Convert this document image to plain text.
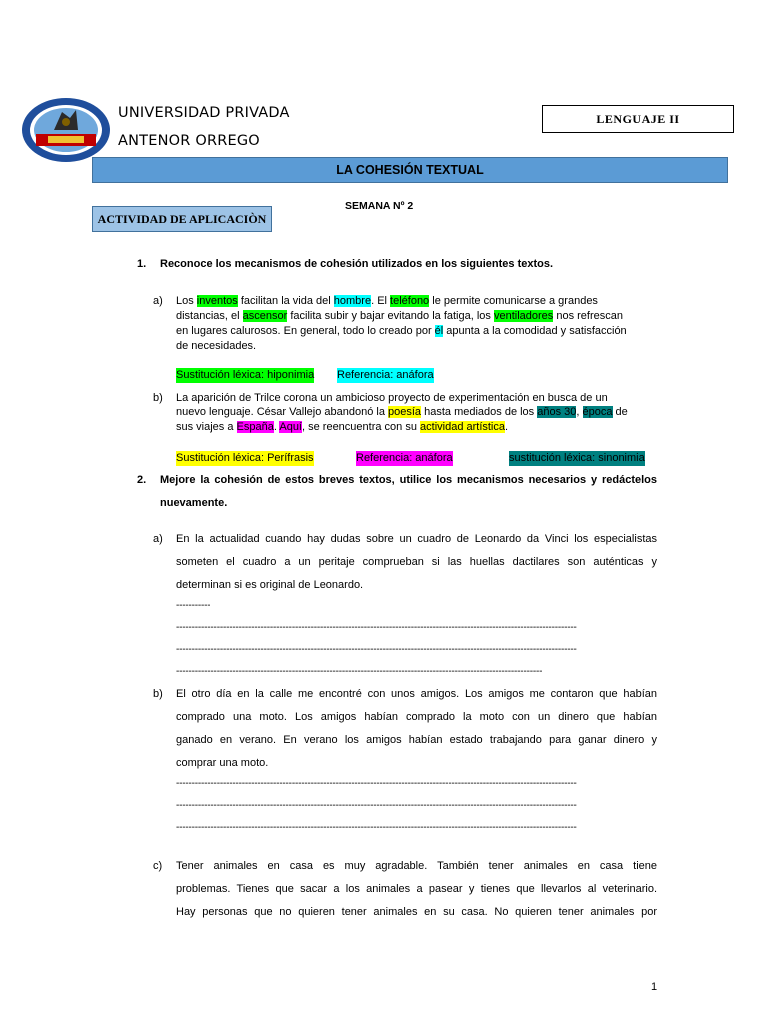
UNIVERSIDAD PRIVADA
ANTENOR ORREGO
LENGUAJE II
LA COHESIÓN TEXTUAL
ACTIVIDAD DE APLICACIÒN
SEMANA Nº 2
1. Reconoce los mecanismos de cohesión utilizados en los siguientes textos.
a) Los inventos facilitan la vida del hombre. El teléfono le permite comunicarse a grandes
distancias, el ascensor facilita subir y bajar evitando la fatiga, los ventiladores nos refrescan
en lugares calurosos. En general, todo lo creado por él apunta a la comodidad y satisfacción
de necesidades.
Sustitución léxica: hiponimia Referencia: anáfora
b) La aparición de Trilce corona un ambicioso proyecto de experimentación en busca de un
nuevo lenguaje. César Vallejo abandonó la poesía hasta mediados de los años 30, época de
sus viajes a España. Aquí, se reencuentra con su actividad artística.
Sustitución léxica: Perífrasis	Referencia: anáfora	sustitución léxica: sinonimia
2. Mejore la cohesión de estos breves textos, utilice los mecanismos necesarios y redáctelos
nuevamente.
a) En la actualidad cuando hay dudas sobre un cuadro de Leonardo da Vinci los especialistas
someten el cuadro a un peritaje comprueban si las huellas dactilares son auténticas y
determinan si es original de Leonardo.
-----------
--------------------------------------------------------------------------------------------------------------------------------
--------------------------------------------------------------------------------------------------------------------------------
---------------------------------------------------------------------------------------------------------------------
b) El otro día en la calle me encontré con unos amigos. Los amigos me contaron que habían
comprado una moto. Los amigos habían comprado la moto con un dinero que habían
ganado en verano. En verano los amigos habían estado trabajando para ganar dinero y
comprar una moto.
--------------------------------------------------------------------------------------------------------------------------------
--------------------------------------------------------------------------------------------------------------------------------
--------------------------------------------------------------------------------------------------------------------------------
c) Tener animales en casa es muy agradable. También tener animales en casa tiene
problemas. Tienes que sacar a los animales a pasear y tienes que llevarlos al veterinario.
Hay personas que no quieren tener animales en su casa. No quieren tener animales por
1
